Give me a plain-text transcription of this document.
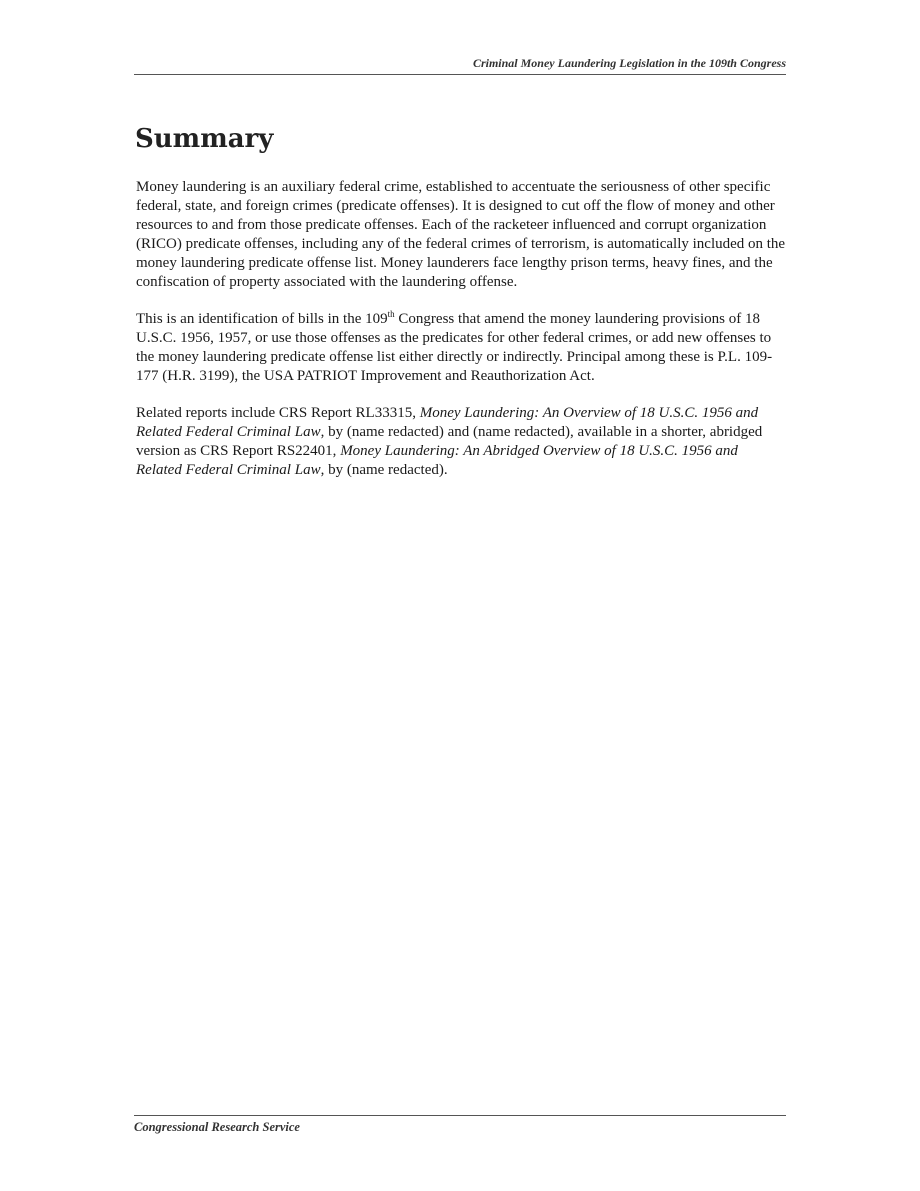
Criminal Money Laundering Legislation in the 109th Congress
Summary

Money laundering is an auxiliary federal crime, established to accentuate the seriousness of other specific federal, state, and foreign crimes (predicate offenses). It is designed to cut off the flow of money and other resources to and from those predicate offenses. Each of the racketeer influenced and corrupt organization (RICO) predicate offenses, including any of the federal crimes of terrorism, is automatically included on the money laundering predicate offense list. Money launderers face lengthy prison terms, heavy fines, and the confiscation of property associated with the laundering offense.

This is an identification of bills in the 109th Congress that amend the money laundering provisions of 18 U.S.C. 1956, 1957, or use those offenses as the predicates for other federal crimes, or add new offenses to the money laundering predicate offense list either directly or indirectly. Principal among these is P.L. 109-177 (H.R. 3199), the USA PATRIOT Improvement and Reauthorization Act.

Related reports include CRS Report RL33315, Money Laundering: An Overview of 18 U.S.C. 1956 and Related Federal Criminal Law, by (name redacted) and (name redacted), available in a shorter, abridged version as CRS Report RS22401, Money Laundering: An Abridged Overview of 18 U.S.C. 1956 and Related Federal Criminal Law, by (name redacted).

Congressional Research Service
